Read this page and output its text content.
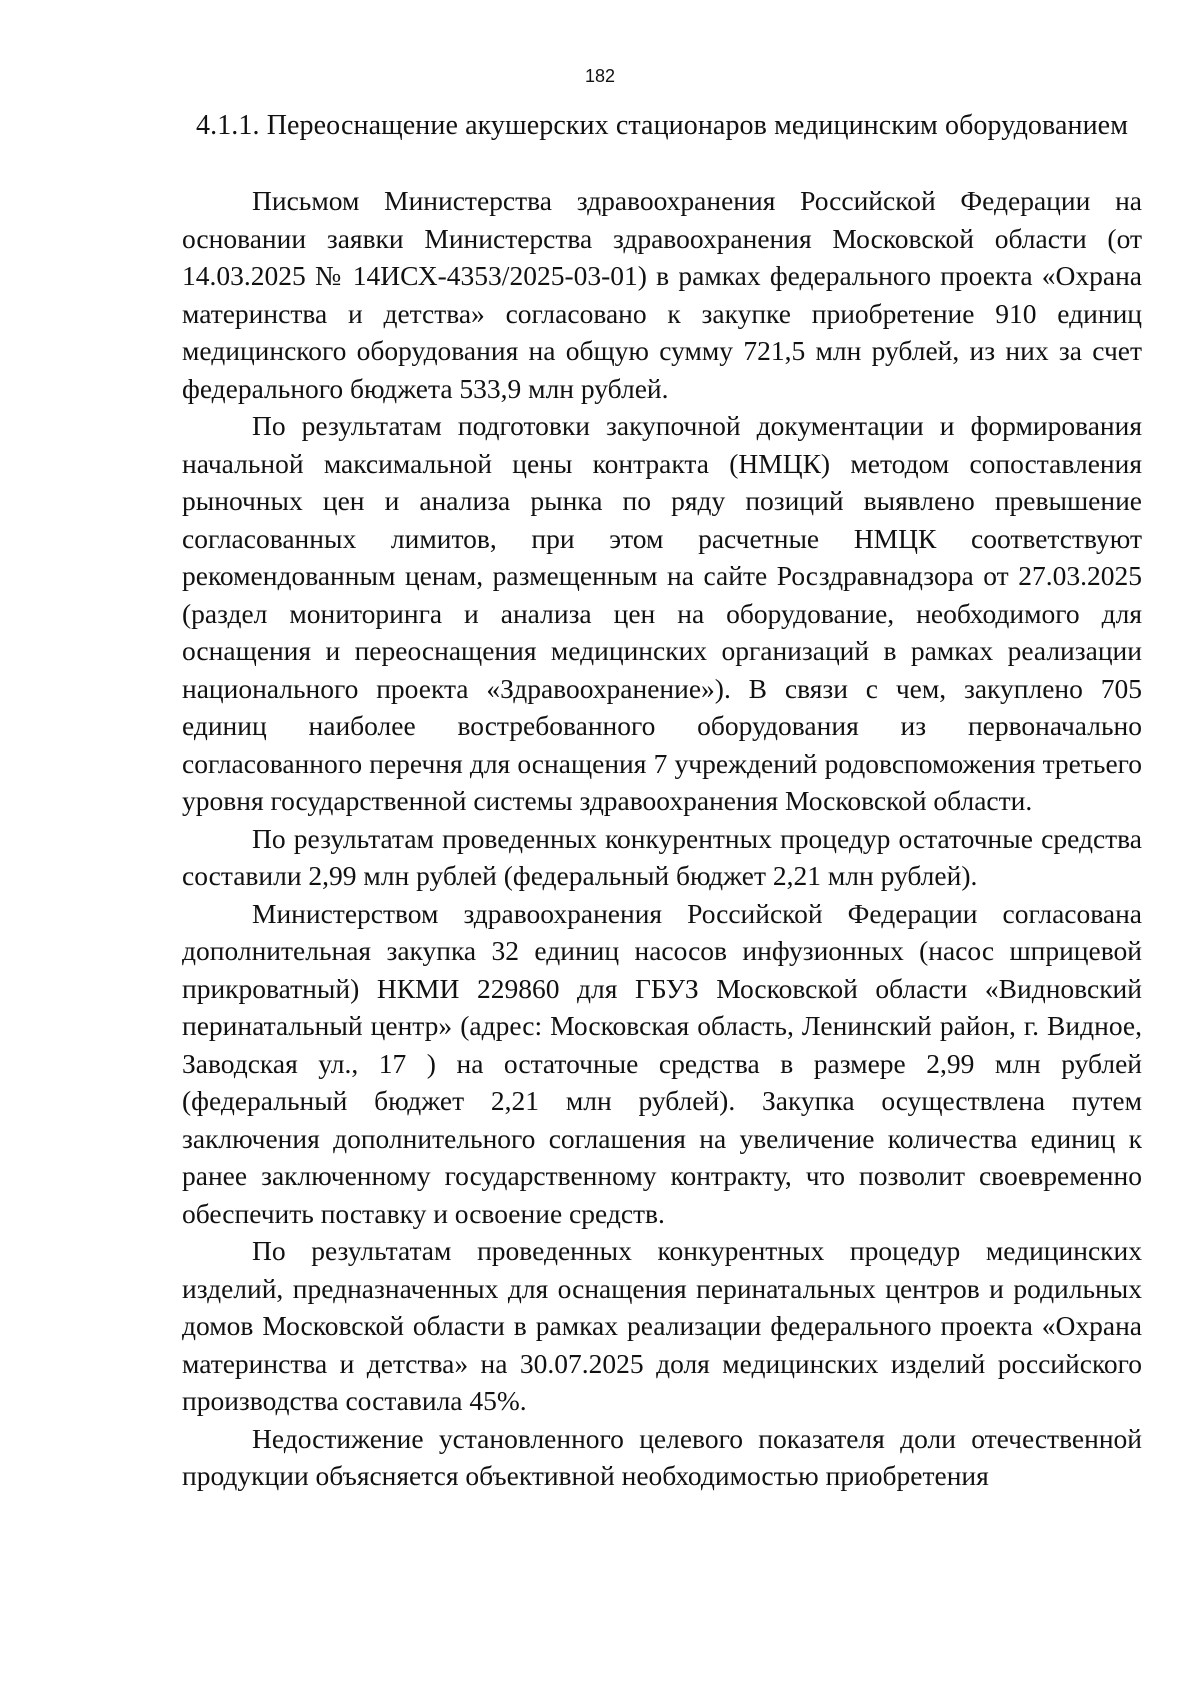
182
4.1.1. Переоснащение акушерских стационаров медицинским оборудованием

Письмом Министерства здравоохранения Российской Федерации на основании заявки Министерства здравоохранения Московской области (от 14.03.2025 № 14ИСХ-4353/2025-03-01) в рамках федерального проекта «Охрана материнства и детства» согласовано к закупке приобретение 910 единиц медицинского оборудования на общую сумму 721,5 млн рублей, из них за счет федерального бюджета 533,9 млн рублей.

По результатам подготовки закупочной документации и формирования начальной максимальной цены контракта (НМЦК) методом сопоставления рыночных цен и анализа рынка по ряду позиций выявлено превышение согласованных лимитов, при этом расчетные НМЦК соответствуют рекомендованным ценам, размещенным на сайте Росздравнадзора от 27.03.2025 (раздел мониторинга и анализа цен на оборудование, необходимого для оснащения и переоснащения медицинских организаций в рамках реализации национального проекта «Здравоохранение»). В связи с чем, закуплено 705 единиц наиболее востребованного оборудования из первоначально согласованного перечня для оснащения 7 учреждений родовспоможения третьего уровня государственной системы здравоохранения Московской области.

По результатам проведенных конкурентных процедур остаточные средства составили 2,99 млн рублей (федеральный бюджет 2,21 млн рублей).

Министерством здравоохранения Российской Федерации согласована дополнительная закупка 32 единиц насосов инфузионных (насос шприцевой прикроватный) НКМИ 229860 для ГБУЗ Московской области «Видновский перинатальный центр» (адрес: Московская область, Ленинский район, г. Видное, Заводская ул., 17 ) на остаточные средства в размере 2,99 млн рублей (федеральный бюджет 2,21 млн рублей). Закупка осуществлена путем заключения дополнительного соглашения на увеличение количества единиц к ранее заключенному государственному контракту, что позволит своевременно обеспечить поставку и освоение средств.

По результатам проведенных конкурентных процедур медицинских изделий, предназначенных для оснащения перинатальных центров и родильных домов Московской области в рамках реализации федерального проекта «Охрана материнства и детства» на 30.07.2025 доля медицинских изделий российского производства составила 45%.

Недостижение установленного целевого показателя доли отечественной продукции объясняется объективной необходимостью приобретения
